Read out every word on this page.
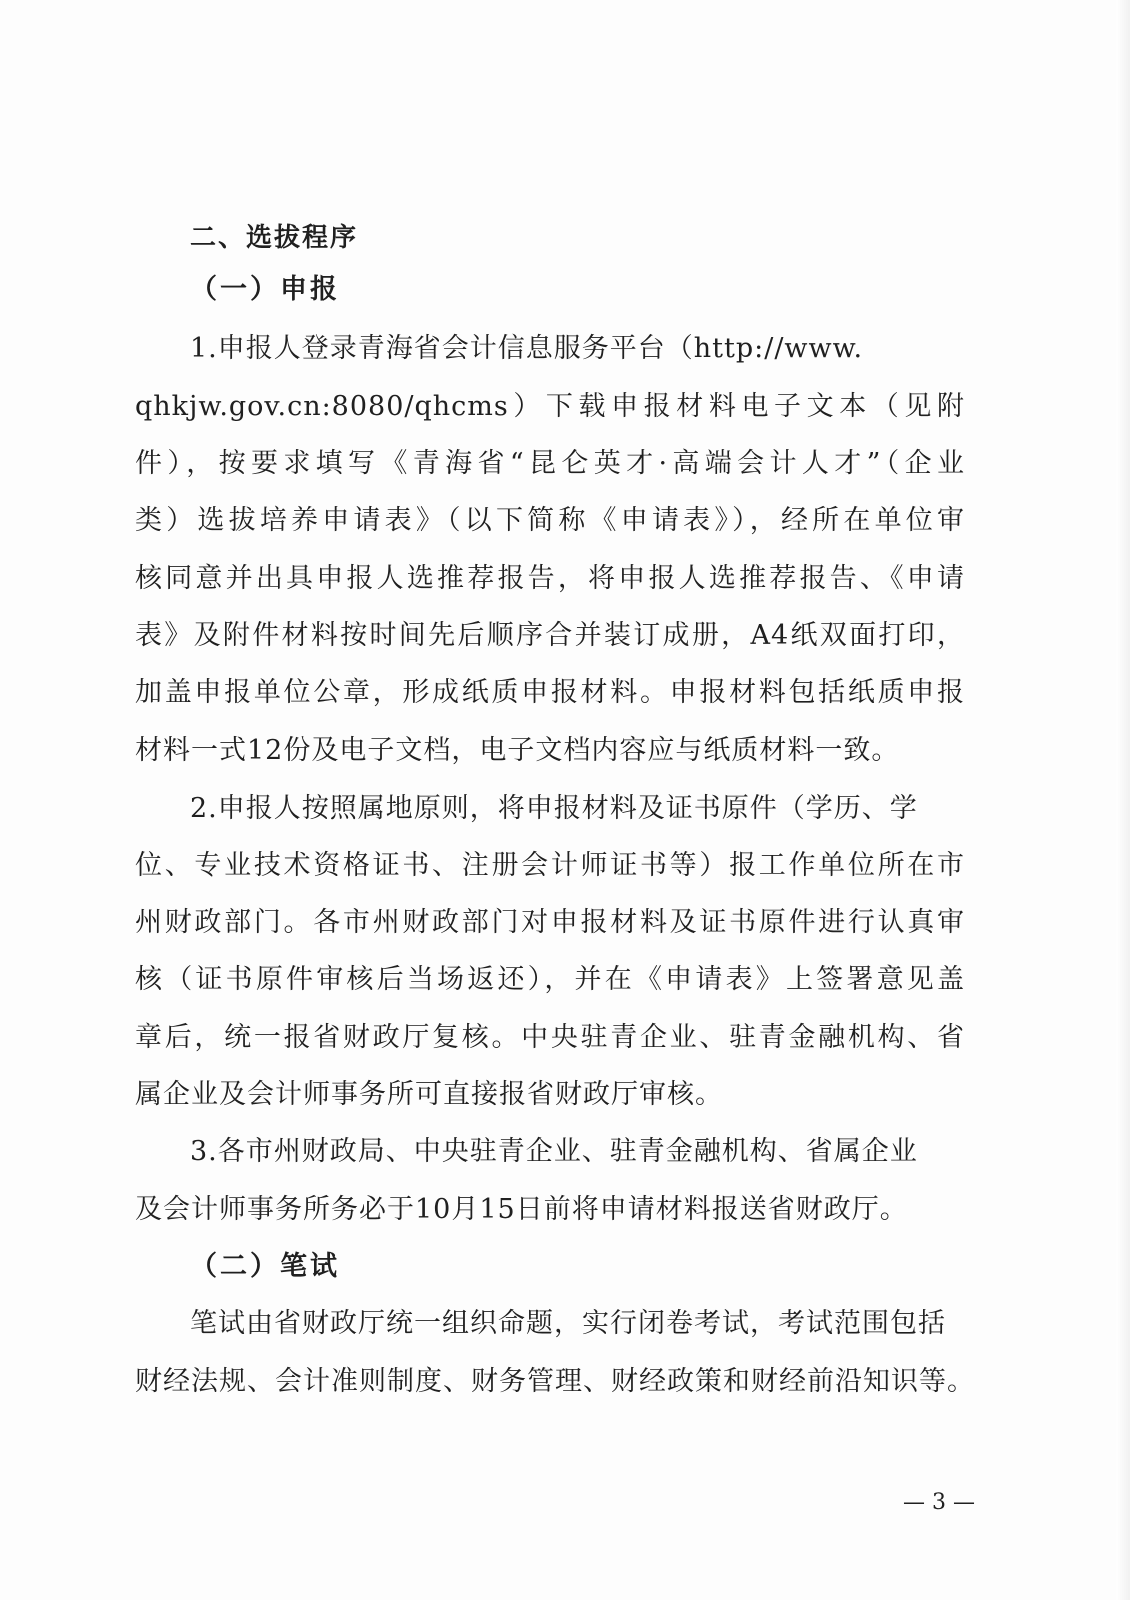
二、选拔程序
（一）申报
1.申报人登录青海省会计信息服务平台（http://www.
qhkjw.gov.cn:8080/qhcms）下载申报材料电子文本（见附
件），按要求填写《青海省“昆仑英才·高端会计人才”（企业
类）选拔培养申请表》（以下简称《申请表》），经所在单位审
核同意并出具申报人选推荐报告，将申报人选推荐报告、《申请
表》及附件材料按时间先后顺序合并装订成册，A4纸双面打印，
加盖申报单位公章，形成纸质申报材料。申报材料包括纸质申报
材料一式12份及电子文档，电子文档内容应与纸质材料一致。
2.申报人按照属地原则，将申报材料及证书原件（学历、学
位、专业技术资格证书、注册会计师证书等）报工作单位所在市
州财政部门。各市州财政部门对申报材料及证书原件进行认真审
核（证书原件审核后当场返还），并在《申请表》上签署意见盖
章后，统一报省财政厅复核。中央驻青企业、驻青金融机构、省
属企业及会计师事务所可直接报省财政厅审核。
3.各市州财政局、中央驻青企业、驻青金融机构、省属企业
及会计师事务所务必于10月15日前将申请材料报送省财政厅。
（二）笔试
笔试由省财政厅统一组织命题，实行闭卷考试，考试范围包括
财经法规、会计准则制度、财务管理、财经政策和财经前沿知识等。
— 3 —
